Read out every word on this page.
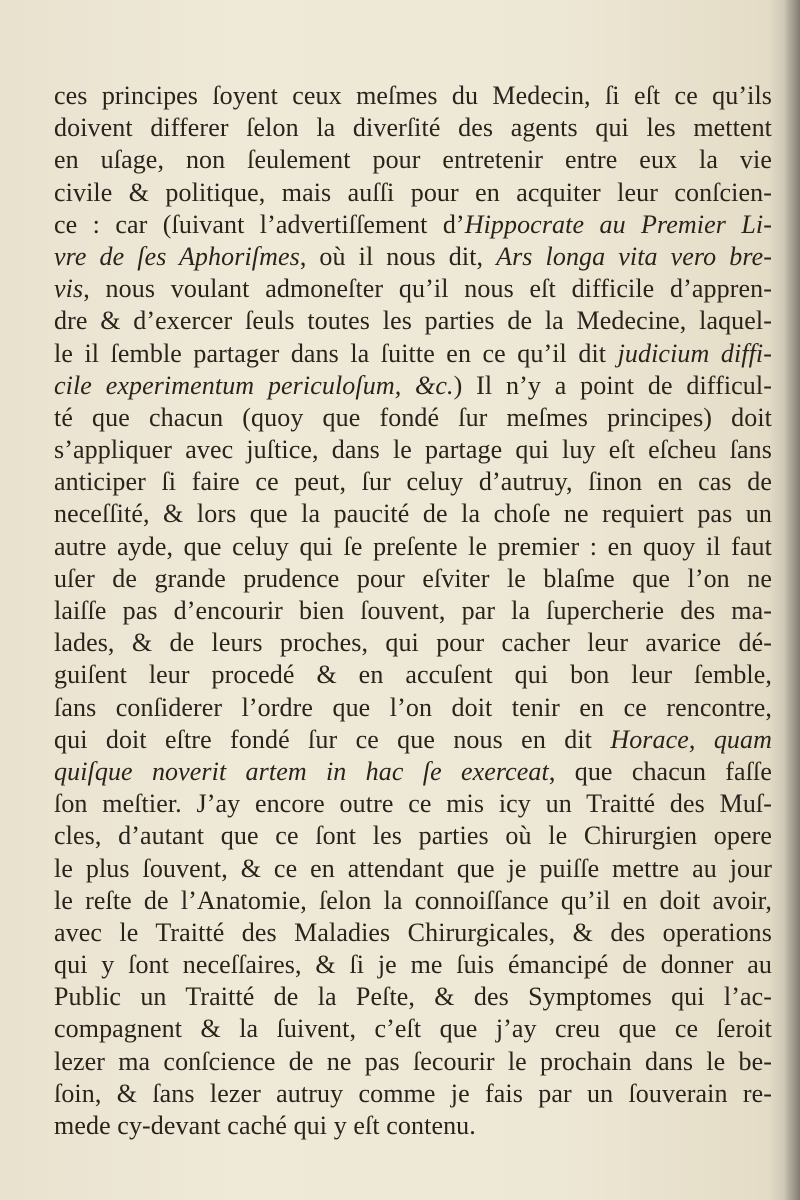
ces principes ſoyent ceux meſmes du Medecin, ſi eſt ce qu’ils
doivent differer ſelon la diverſité des agents qui les mettent
en uſage, non ſeulement pour entretenir entre eux la vie
civile & politique, mais auſſi pour en acquiter leur conſcien-
ce : car (ſuivant l’advertiſſement d’Hippocrate au Premier Li-
vre de ſes Aphoriſmes, où il nous dit, Ars longa vita vero bre-
vis, nous voulant admoneſter qu’il nous eſt difficile d’appren-
dre & d’exercer ſeuls toutes les parties de la Medecine, laquel-
le il ſemble partager dans la ſuitte en ce qu’il dit judicium diffi-
cile experimentum periculoſum, &c.) Il n’y a point de difficul-
té que chacun (quoy que fondé ſur meſmes principes) doit
s’appliquer avec juſtice, dans le partage qui luy eſt eſcheu ſans
anticiper ſi faire ce peut, ſur celuy d’autruy, ſinon en cas de
neceſſité, & lors que la paucité de la choſe ne requiert pas un
autre ayde, que celuy qui ſe preſente le premier : en quoy il faut
uſer de grande prudence pour eſviter le blaſme que l’on ne
laiſſe pas d’encourir bien ſouvent, par la ſupercherie des ma-
lades, & de leurs proches, qui pour cacher leur avarice dé-
guiſent leur procedé & en accuſent qui bon leur ſemble,
ſans conſiderer l’ordre que l’on doit tenir en ce rencontre,
qui doit eſtre fondé ſur ce que nous en dit Horace, quam
quiſque noverit artem in hac ſe exerceat, que chacun faſſe
ſon meſtier. J’ay encore outre ce mis icy un Traitté des Muſ-
cles, d’autant que ce ſont les parties où le Chirurgien opere
le plus ſouvent, & ce en attendant que je puiſſe mettre au jour
le reſte de l’Anatomie, ſelon la connoiſſance qu’il en doit avoir,
avec le Traitté des Maladies Chirurgicales, & des operations
qui y ſont neceſſaires, & ſi je me ſuis émancipé de donner au
Public un Traitté de la Peſte, & des Symptomes qui l’ac-
compagnent & la ſuivent, c’eſt que j’ay creu que ce ſeroit
lezer ma conſcience de ne pas ſecourir le prochain dans le be-
ſoin, & ſans lezer autruy comme je fais par un ſouverain re-
mede cy-devant caché qui y eſt contenu.
